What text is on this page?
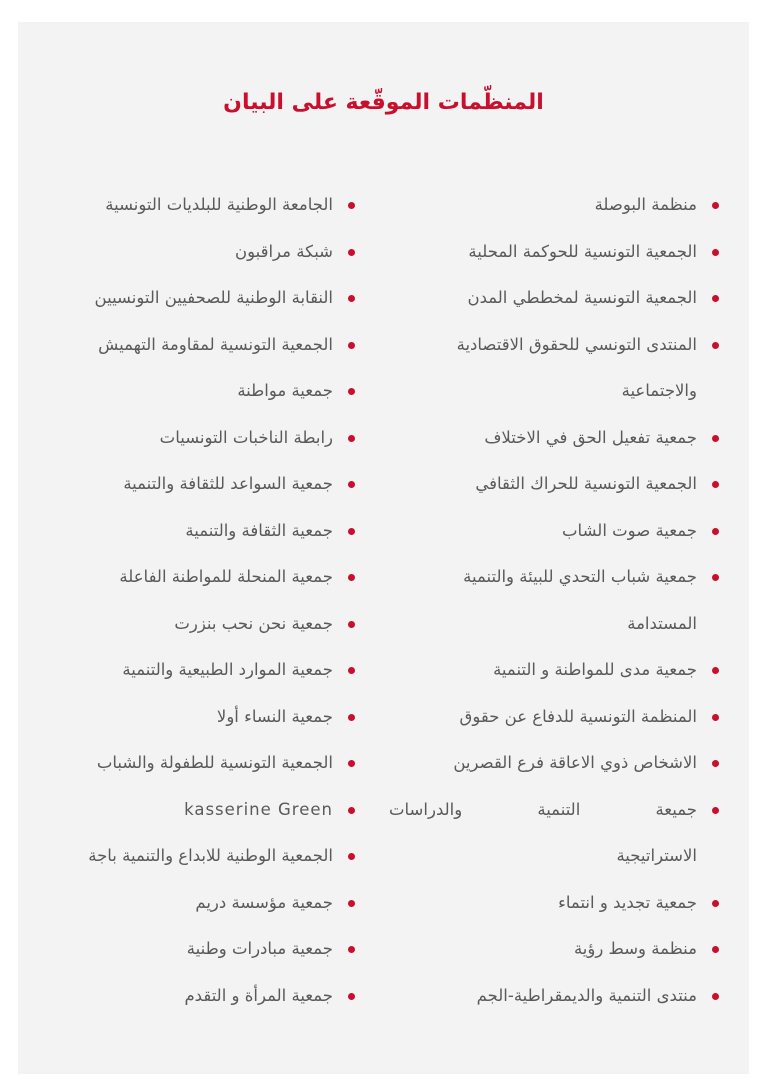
المنظّمات الموقّعة على البيان
منظمة البوصلة
الجمعية التونسية للحوكمة المحلية
الجمعية التونسية لمخططي المدن
المنتدى التونسي للحقوق الاقتصادية
والاجتماعية
جمعية تفعيل الحق في الاختلاف
الجمعية التونسية للحراك الثقافي
جمعية صوت الشاب
جمعية شباب التحدي للبيئة والتنمية
المستدامة
جمعية مدى للمواطنة و التنمية
المنظمة التونسية للدفاع عن حقوق
الاشخاص ذوي الاعاقة فرع القصرين
جميعة التنمية والدراسات
الاستراتيجية
جمعية تجديد و انتماء
منظمة وسط رؤية
منتدى التنمية والديمقراطية-الجم
الجامعة الوطنية للبلديات التونسية
شبكة مراقبون
النقابة الوطنية للصحفيين التونسيين
الجمعية التونسية لمقاومة التهميش
جمعية مواطنة
رابطة الناخبات التونسيات
جمعية السواعد للثقافة والتنمية
جمعية الثقافة والتنمية
جمعية المنحلة للمواطنة الفاعلة
جمعية نحن نحب بنزرت
جمعية الموارد الطبيعية والتنمية
جمعية النساء أولا
الجمعية التونسية للطفولة والشباب
kasserine Green
الجمعية الوطنية للابداع والتنمية باجة
جمعية مؤسسة دريم
جمعية مبادرات وطنية
جمعية المرأة و التقدم
